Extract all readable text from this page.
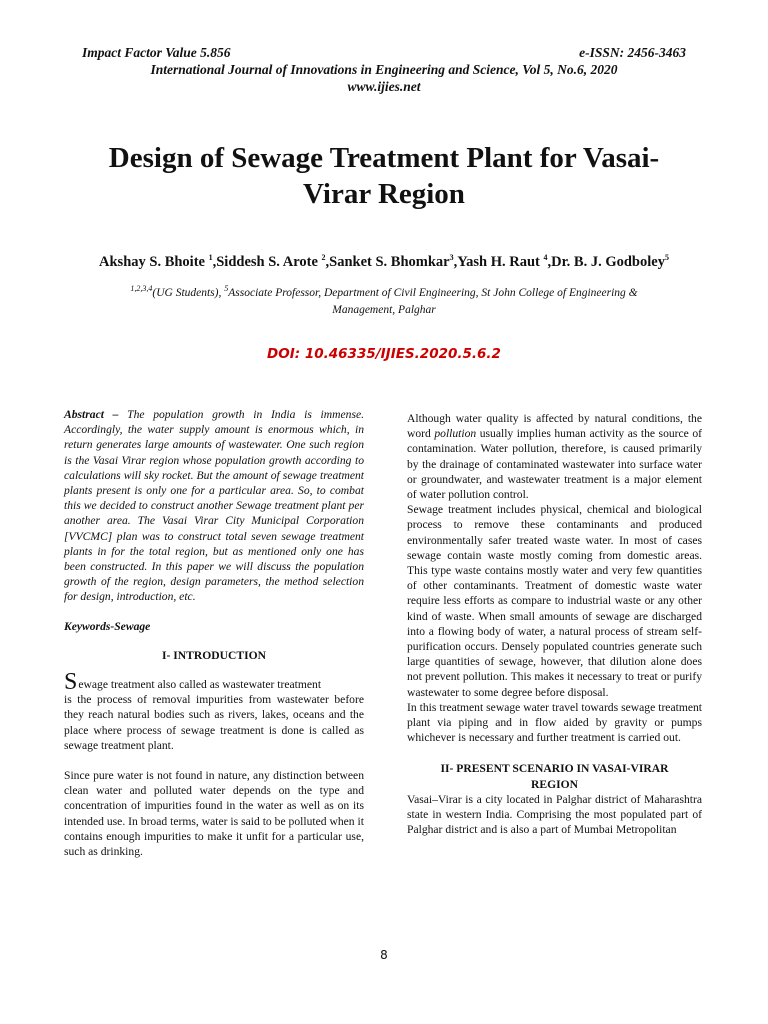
Impact Factor Value 5.856	e-ISSN: 2456-3463
International Journal of Innovations in Engineering and Science, Vol 5, No.6, 2020
www.ijies.net
Design of Sewage Treatment Plant for Vasai-
Virar Region
Akshay S. Bhoite $^1$,Siddesh S. Arote $^2$,Sanket S. Bhomkar$^3$,Yash H. Raut $^4$,Dr. B. J. Godboley$^5$
$^{1,2,3,4}$(UG Students), $^5$Associate Professor, Department of Civil Engineering, St John College of Engineering &
Management, Palghar
DOI: 10.46335/IJIES.2020.5.6.2

Abstract – The population growth in India is immense. Accordingly, the water supply amount is enormous which, in return generates large amounts of wastewater. One such region is the Vasai Virar region whose population growth according to calculations will sky rocket. But the amount of sewage treatment plants present is only one for a particular area. So, to combat this we decided to construct another Sewage treatment plant per another area. The Vasai Virar City Municipal Corporation [VVCMC] plan was to construct total seven sewage treatment plants in for the total region, but as mentioned only one has been constructed. In this paper we will discuss the population growth of the region, design parameters, the method selection for design, introduction, etc.

Keywords-Sewage

I- INTRODUCTION

S ewage treatment also called as wastewater treatment
is the process of removal impurities from wastewater before they reach natural bodies such as rivers, lakes, oceans and the place where process of sewage treatment is done is called as sewage treatment plant.

Since pure water is not found in nature, any distinction between clean water and polluted water depends on the type and concentration of impurities found in the water as well as on its intended use. In broad terms, water is said to be polluted when it contains enough impurities to make it unfit for a particular use, such as drinking.

Although water quality is affected by natural conditions, the word pollution usually implies human activity as the source of contamination. Water pollution, therefore, is caused primarily by the drainage of contaminated wastewater into surface water or groundwater, and wastewater treatment is a major element of water pollution control.

Sewage treatment includes physical, chemical and biological process to remove these contaminants and produced environmentally safer treated waste water. In most of cases sewage contain waste mostly coming from domestic areas. This type waste contains mostly water and very few quantities of other contaminants. Treatment of domestic waste water require less efforts as compare to industrial waste or any other kind of waste. When small amounts of sewage are discharged into a flowing body of water, a natural process of stream self-purification occurs. Densely populated countries generate such large quantities of sewage, however, that dilution alone does not prevent pollution. This makes it necessary to treat or purify wastewater to some degree before disposal.

In this treatment sewage water travel towards sewage treatment plant via piping and in flow aided by gravity or pumps whichever is necessary and further treatment is carried out.

II- PRESENT SCENARIO IN VASAI-VIRAR
REGION

Vasai–Virar is a city located in Palghar district of Maharashtra state in western India. Comprising the most populated part of Palghar district and is also a part of Mumbai Metropolitan

8
